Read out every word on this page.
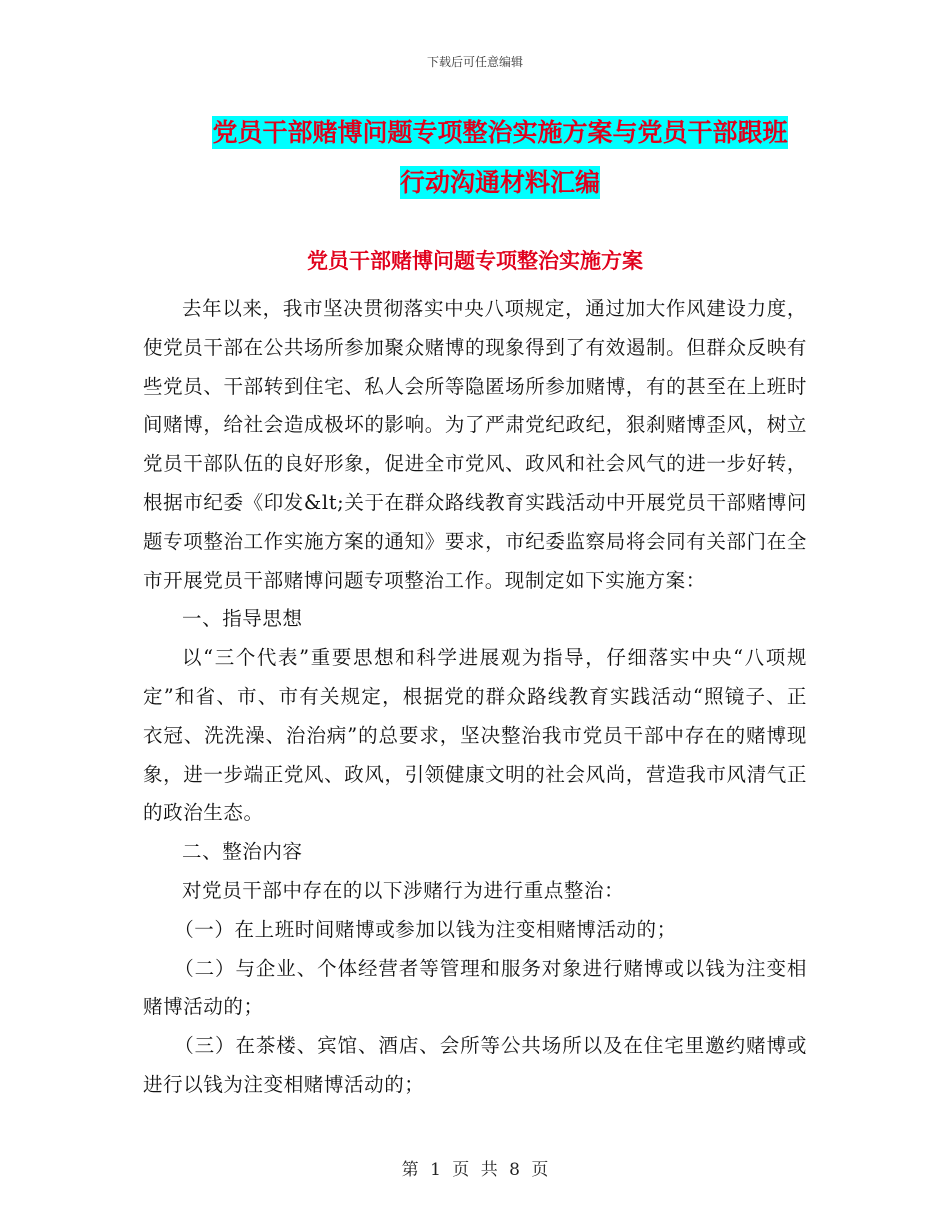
下载后可任意编辑
党员干部赌博问题专项整治实施方案与党员干部跟班
行动沟通材料汇编
党员干部赌博问题专项整治实施方案

去年以来，我市坚决贯彻落实中央八项规定，通过加大作风建设力度，使党员干部在公共场所参加聚众赌博的现象得到了有效遏制。但群众反映有些党员、干部转到住宅、私人会所等隐匿场所参加赌博，有的甚至在上班时间赌博，给社会造成极坏的影响。为了严肃党纪政纪，狠刹赌博歪风，树立党员干部队伍的良好形象，促进全市党风、政风和社会风气的进一步好转，根据市纪委《印发&lt;关于在群众路线教育实践活动中开展党员干部赌博问题专项整治工作实施方案的通知》要求，市纪委监察局将会同有关部门在全市开展党员干部赌博问题专项整治工作。现制定如下实施方案：

一、指导思想

以“三个代表”重要思想和科学进展观为指导，仔细落实中央“八项规定”和省、市、市有关规定，根据党的群众路线教育实践活动“照镜子、正衣冠、洗洗澡、治治病”的总要求，坚决整治我市党员干部中存在的赌博现象，进一步端正党风、政风，引领健康文明的社会风尚，营造我市风清气正的政治生态。

二、整治内容

对党员干部中存在的以下涉赌行为进行重点整治：

（一）在上班时间赌博或参加以钱为注变相赌博活动的；

（二）与企业、个体经营者等管理和服务对象进行赌博或以钱为注变相赌博活动的；

（三）在茶楼、宾馆、酒店、会所等公共场所以及在住宅里邀约赌博或进行以钱为注变相赌博活动的；

第 1 页 共 8 页
